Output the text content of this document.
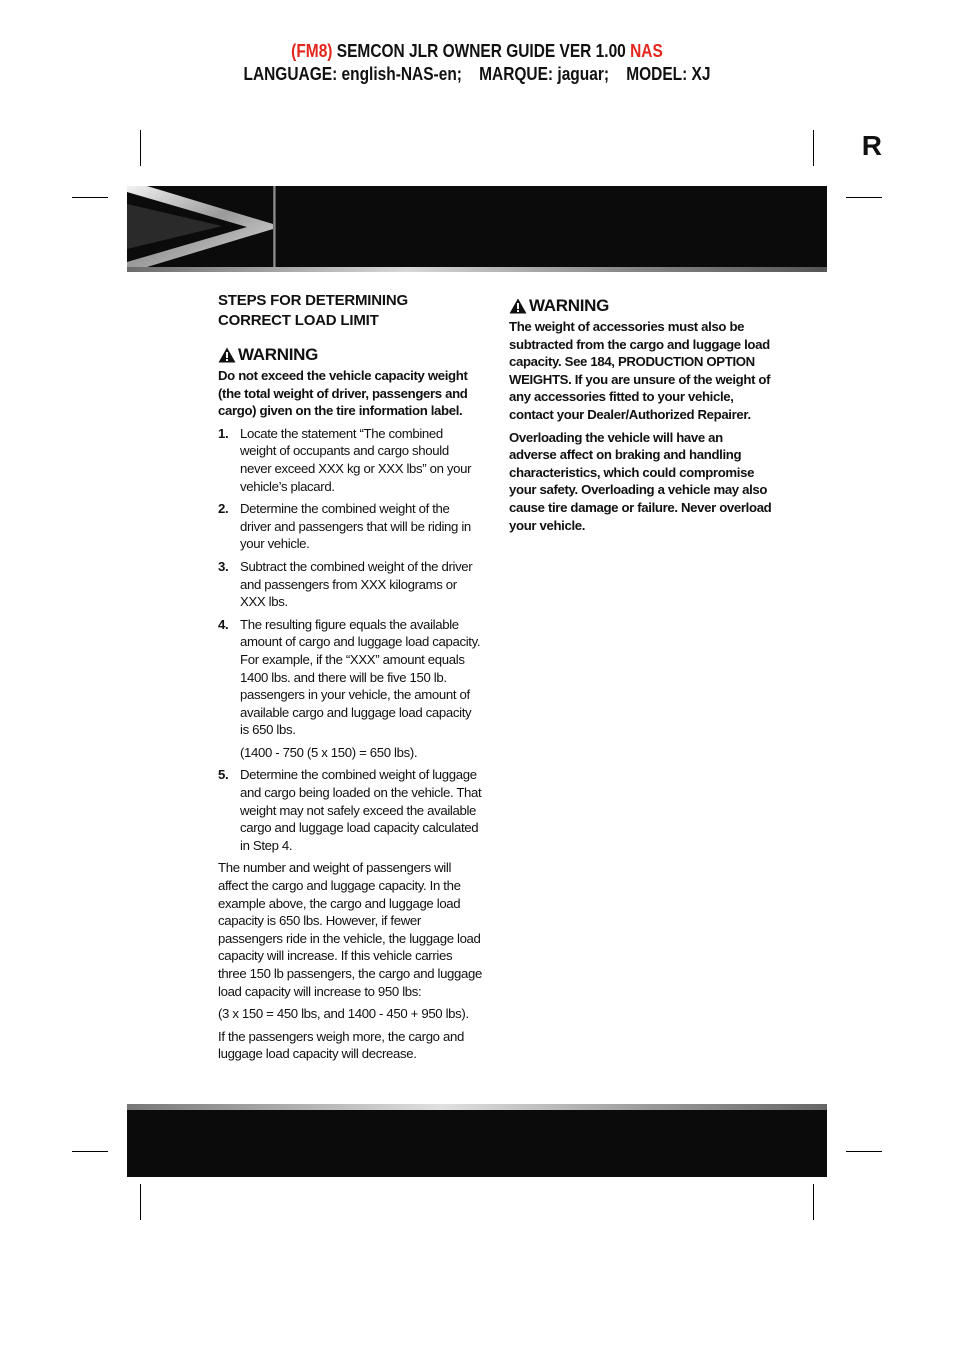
(FM8) SEMCON JLR OWNER GUIDE VER 1.00 NAS
LANGUAGE: english-NAS-en;    MARQUE: jaguar;    MODEL: XJ
R
Tires
STEPS FOR DETERMINING CORRECT LOAD LIMIT
WARNING
Do not exceed the vehicle capacity weight (the total weight of driver, passengers and cargo) given on the tire information label.
1. Locate the statement “The combined weight of occupants and cargo should never exceed XXX kg or XXX lbs” on your vehicle’s placard.
2. Determine the combined weight of the driver and passengers that will be riding in your vehicle.
3. Subtract the combined weight of the driver and passengers from XXX kilograms or XXX lbs.
4. The resulting figure equals the available amount of cargo and luggage load capacity. For example, if the “XXX” amount equals 1400 lbs. and there will be five 150 lb. passengers in your vehicle, the amount of available cargo and luggage load capacity is 650 lbs.
(1400 - 750 (5 x 150) = 650 lbs).
5. Determine the combined weight of luggage and cargo being loaded on the vehicle. That weight may not safely exceed the available cargo and luggage load capacity calculated in Step 4.

The number and weight of passengers will affect the cargo and luggage capacity. In the example above, the cargo and luggage load capacity is 650 lbs. However, if fewer passengers ride in the vehicle, the luggage load capacity will increase. If this vehicle carries three 150 lb passengers, the cargo and luggage load capacity will increase to 950 lbs:

(3 x 150 = 450 lbs, and 1400 - 450 + 950 lbs).

If the passengers weigh more, the cargo and luggage load capacity will decrease.

WARNING
The weight of accessories must also be subtracted from the cargo and luggage load capacity. See 184, PRODUCTION OPTION WEIGHTS. If you are unsure of the weight of any accessories fitted to your vehicle, contact your Dealer/Authorized Repairer.
Overloading the vehicle will have an adverse affect on braking and handling characteristics, which could compromise your safety. Overloading a vehicle may also cause tire damage or failure. Never overload your vehicle.
185
